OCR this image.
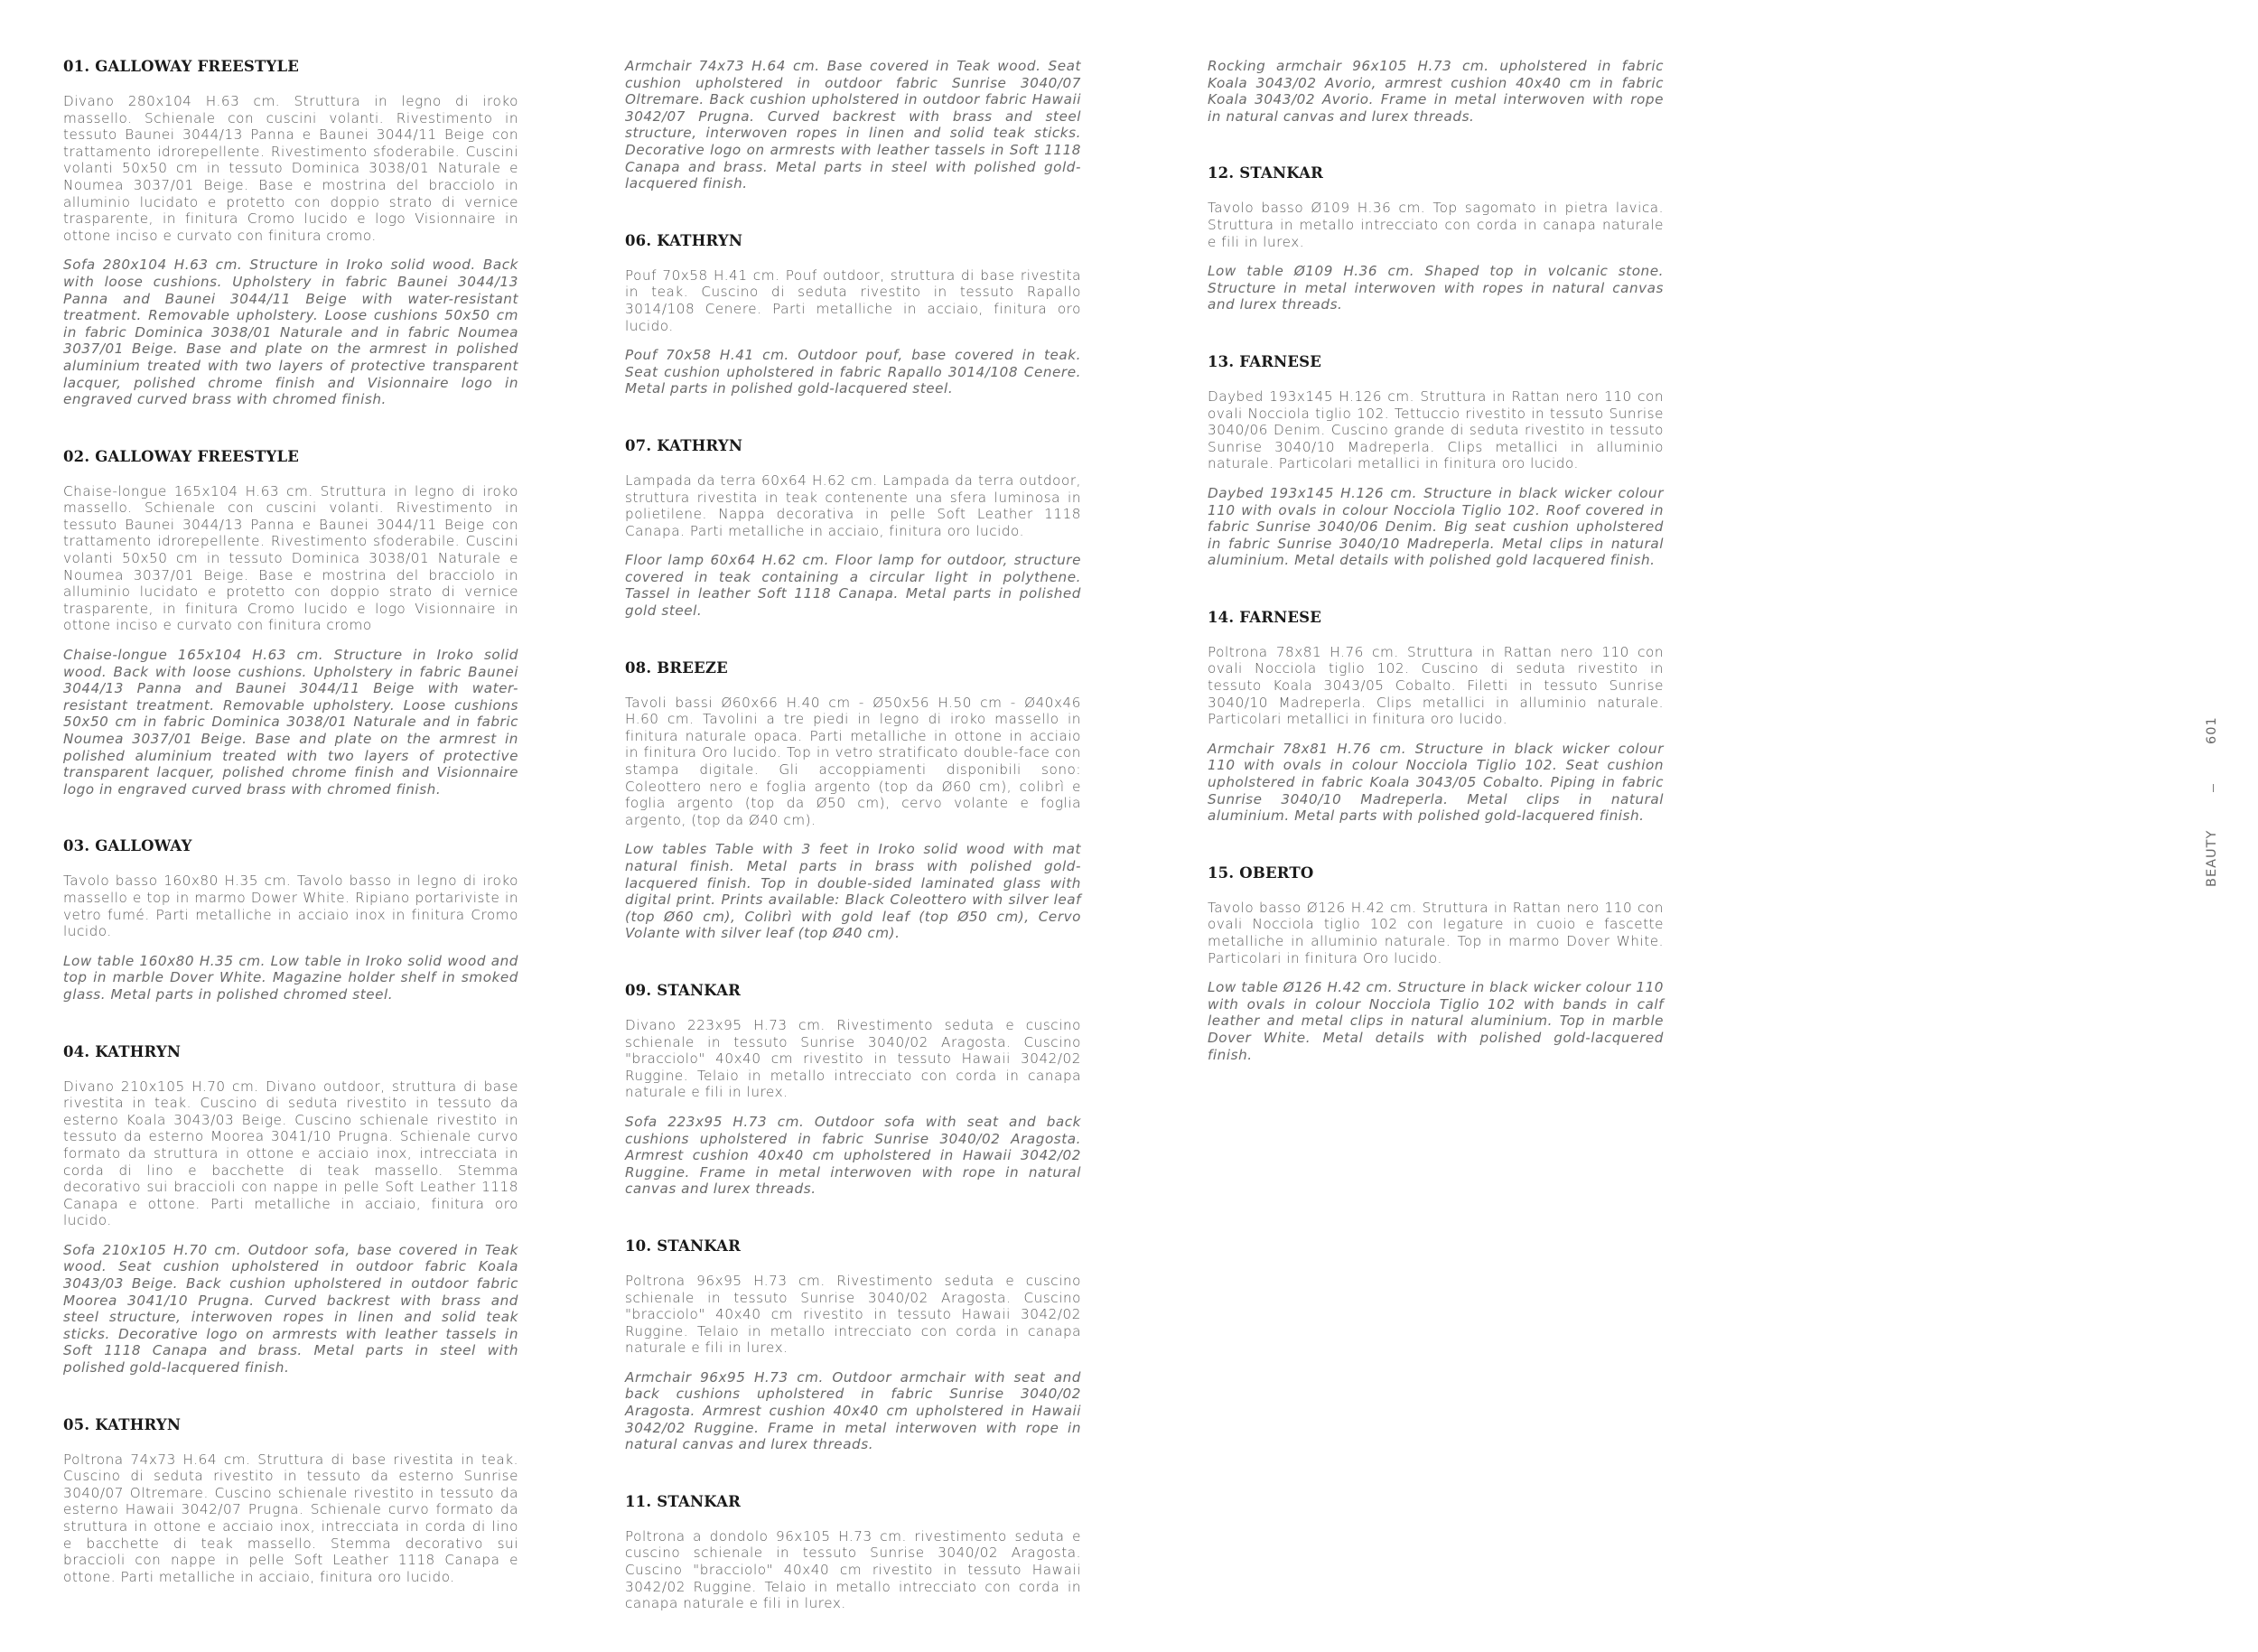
01. GALLOWAY FREESTYLE

Divano 280x104 H.63 cm. Struttura in legno di iroko massello. Schienale con cuscini volanti. Rivestimento in tessuto Baunei 3044/13 Panna e Baunei 3044/11 Beige con trattamento idrorepellente. Rivestimento sfoderabile. Cuscini volanti 50x50 cm in tessuto Dominica 3038/01 Naturale e Noumea 3037/01 Beige. Base e mostrina del bracciolo in alluminio lucidato e protetto con doppio strato di vernice trasparente, in finitura Cromo lucido e logo Visionnaire in ottone inciso e curvato con finitura cromo.

Sofa 280x104 H.63 cm. Structure in Iroko solid wood. Back with loose cushions. Upholstery in fabric Baunei 3044/13 Panna and Baunei 3044/11 Beige with water-resistant treatment. Removable upholstery. Loose cushions 50x50 cm in fabric Dominica 3038/01 Naturale and in fabric Noumea 3037/01 Beige. Base and plate on the armrest in polished aluminium treated with two layers of protective transparent lacquer, polished chrome finish and Visionnaire logo in engraved curved brass with chromed finish.

02. GALLOWAY FREESTYLE

Chaise-longue 165x104 H.63 cm. Struttura in legno di iroko massello. Schienale con cuscini volanti. Rivestimento in tessuto Baunei 3044/13 Panna e Baunei 3044/11 Beige con trattamento idrorepellente. Rivestimento sfoderabile. Cuscini volanti 50x50 cm in tessuto Dominica 3038/01 Naturale e Noumea 3037/01 Beige. Base e mostrina del bracciolo in alluminio lucidato e protetto con doppio strato di vernice trasparente, in finitura Cromo lucido e logo Visionnaire in ottone inciso e curvato con finitura cromo

Chaise-longue 165x104 H.63 cm. Structure in Iroko solid wood. Back with loose cushions. Upholstery in fabric Baunei 3044/13 Panna and Baunei 3044/11 Beige with water-resistant treatment. Removable upholstery. Loose cushions 50x50 cm in fabric Dominica 3038/01 Naturale and in fabric Noumea 3037/01 Beige. Base and plate on the armrest in polished aluminium treated with two layers of protective transparent lacquer, polished chrome finish and Visionnaire logo in engraved curved brass with chromed finish.

03. GALLOWAY

Tavolo basso 160x80 H.35 cm. Tavolo basso in legno di iroko massello e top in marmo Dower White. Ripiano portariviste in vetro fumé. Parti metalliche in acciaio inox in finitura Cromo lucido.

Low table 160x80 H.35 cm. Low table in Iroko solid wood and top in marble Dover White. Magazine holder shelf in smoked glass. Metal parts in polished chromed steel.

04. KATHRYN

Divano 210x105 H.70 cm. Divano outdoor, struttura di base rivestita in teak. Cuscino di seduta rivestito in tessuto da esterno Koala 3043/03 Beige. Cuscino schienale rivestito in tessuto da esterno Moorea 3041/10 Prugna. Schienale curvo formato da struttura in ottone e acciaio inox, intrecciata in corda di lino e bacchette di teak massello. Stemma decorativo sui braccioli con nappe in pelle Soft Leather 1118 Canapa e ottone. Parti metalliche in acciaio, finitura oro lucido.

Sofa 210x105 H.70 cm. Outdoor sofa, base covered in Teak wood. Seat cushion upholstered in outdoor fabric Koala 3043/03 Beige. Back cushion upholstered in outdoor fabric Moorea 3041/10 Prugna. Curved backrest with brass and steel structure, interwoven ropes in linen and solid teak sticks. Decorative logo on armrests with leather tassels in Soft 1118 Canapa and brass. Metal parts in steel with polished gold-lacquered finish.

05. KATHRYN

Poltrona 74x73 H.64 cm. Struttura di base rivestita in teak. Cuscino di seduta rivestito in tessuto da esterno Sunrise 3040/07 Oltremare. Cuscino schienale rivestito in tessuto da esterno Hawaii 3042/07 Prugna. Schienale curvo formato da struttura in ottone e acciaio inox, intrecciata in corda di lino e bacchette di teak massello. Stemma decorativo sui braccioli con nappe in pelle Soft Leather 1118 Canapa e ottone. Parti metalliche in acciaio, finitura oro lucido.

Armchair 74x73 H.64 cm. Base covered in Teak wood. Seat cushion upholstered in outdoor fabric Sunrise 3040/07 Oltremare. Back cushion upholstered in outdoor fabric Hawaii 3042/07 Prugna. Curved backrest with brass and steel structure, interwoven ropes in linen and solid teak sticks. Decorative logo on armrests with leather tassels in Soft 1118 Canapa and brass. Metal parts in steel with polished gold-lacquered finish.

06. KATHRYN

Pouf 70x58 H.41 cm. Pouf outdoor, struttura di base rivestita in teak. Cuscino di seduta rivestito in tessuto Rapallo 3014/108 Cenere. Parti metalliche in acciaio, finitura oro lucido.

Pouf 70x58 H.41 cm. Outdoor pouf, base covered in teak. Seat cushion upholstered in fabric Rapallo 3014/108 Cenere. Metal parts in polished gold-lacquered steel.

07. KATHRYN

Lampada da terra 60x64 H.62 cm. Lampada da terra outdoor, struttura rivestita in teak contenente una sfera luminosa in polietilene. Nappa decorativa in pelle Soft Leather 1118 Canapa. Parti metalliche in acciaio, finitura oro lucido.

Floor lamp 60x64 H.62 cm. Floor lamp for outdoor, structure covered in teak containing a circular light in polythene. Tassel in leather Soft 1118 Canapa. Metal parts in polished gold steel.

08. BREEZE

Tavoli bassi Ø60x66 H.40 cm - Ø50x56 H.50 cm - Ø40x46 H.60 cm. Tavolini a tre piedi in legno di iroko massello in finitura naturale opaca. Parti metalliche in ottone in acciaio in finitura Oro lucido. Top in vetro stratificato double-face con stampa digitale. Gli accoppiamenti disponibili sono: Coleottero nero e foglia argento (top da Ø60 cm), colibrì e foglia argento (top da Ø50 cm), cervo volante e foglia argento, (top da Ø40 cm).

Low tables Table with 3 feet in Iroko solid wood with mat natural finish. Metal parts in brass with polished gold-lacquered finish. Top in double-sided laminated glass with digital print. Prints available: Black Coleottero with silver leaf (top Ø60 cm), Colibrì with gold leaf (top Ø50 cm), Cervo Volante with silver leaf (top Ø40 cm).

09. STANKAR

Divano 223x95 H.73 cm. Rivestimento seduta e cuscino schienale in tessuto Sunrise 3040/02 Aragosta. Cuscino "bracciolo" 40x40 cm rivestito in tessuto Hawaii 3042/02 Ruggine. Telaio in metallo intrecciato con corda in canapa naturale e fili in lurex.

Sofa 223x95 H.73 cm. Outdoor sofa with seat and back cushions upholstered in fabric Sunrise 3040/02 Aragosta. Armrest cushion 40x40 cm upholstered in Hawaii 3042/02 Ruggine. Frame in metal interwoven with rope in natural canvas and lurex threads.

10. STANKAR

Poltrona 96x95 H.73 cm. Rivestimento seduta e cuscino schienale in tessuto Sunrise 3040/02 Aragosta. Cuscino "bracciolo" 40x40 cm rivestito in tessuto Hawaii 3042/02 Ruggine. Telaio in metallo intrecciato con corda in canapa naturale e fili in lurex.

Armchair 96x95 H.73 cm. Outdoor armchair with seat and back cushions upholstered in fabric Sunrise 3040/02 Aragosta. Armrest cushion 40x40 cm upholstered in Hawaii 3042/02 Ruggine. Frame in metal interwoven with rope in natural canvas and lurex threads.

11. STANKAR

Poltrona a dondolo 96x105 H.73 cm. rivestimento seduta e cuscino schienale in tessuto Sunrise 3040/02 Aragosta. Cuscino "bracciolo" 40x40 cm rivestito in tessuto Hawaii 3042/02 Ruggine. Telaio in metallo intrecciato con corda in canapa naturale e fili in lurex.

Rocking armchair 96x105 H.73 cm. upholstered in fabric Koala 3043/02 Avorio, armrest cushion 40x40 cm in fabric Koala 3043/02 Avorio. Frame in metal interwoven with rope in natural canvas and lurex threads.

12. STANKAR

Tavolo basso Ø109 H.36 cm. Top sagomato in pietra lavica. Struttura in metallo intrecciato con corda in canapa naturale e fili in lurex.

Low table Ø109 H.36 cm. Shaped top in volcanic stone. Structure in metal interwoven with ropes in natural canvas and lurex threads.

13. FARNESE

Daybed 193x145 H.126 cm. Struttura in Rattan nero 110 con ovali Nocciola tiglio 102. Tettuccio rivestito in tessuto Sunrise 3040/06 Denim. Cuscino grande di seduta rivestito in tessuto Sunrise 3040/10 Madreperla. Clips metallici in alluminio naturale. Particolari metallici in finitura oro lucido.

Daybed 193x145 H.126 cm. Structure in black wicker colour 110 with ovals in colour Nocciola Tiglio 102. Roof covered in fabric Sunrise 3040/06 Denim. Big seat cushion upholstered in fabric Sunrise 3040/10 Madreperla. Metal clips in natural aluminium. Metal details with polished gold lacquered finish.

14. FARNESE

Poltrona 78x81 H.76 cm. Struttura in Rattan nero 110 con ovali Nocciola tiglio 102. Cuscino di seduta rivestito in tessuto Koala 3043/05 Cobalto. Filetti in tessuto Sunrise 3040/10 Madreperla. Clips metallici in alluminio naturale. Particolari metallici in finitura oro lucido.

Armchair 78x81 H.76 cm. Structure in black wicker colour 110 with ovals in colour Nocciola Tiglio 102. Seat cushion upholstered in fabric Koala 3043/05 Cobalto. Piping in fabric Sunrise 3040/10 Madreperla. Metal clips in natural aluminium. Metal parts with polished gold-lacquered finish.

15. OBERTO

Tavolo basso Ø126 H.42 cm. Struttura in Rattan nero 110 con ovali Nocciola tiglio 102 con legature in cuoio e fascette metalliche in alluminio naturale. Top in marmo Dover White. Particolari in finitura Oro lucido.

Low table Ø126 H.42 cm. Structure in black wicker colour 110 with ovals in colour Nocciola Tiglio 102 with bands in calf leather and metal clips in natural aluminium. Top in marble Dover White. Metal details with polished gold-lacquered finish.

601
BEAUTY
